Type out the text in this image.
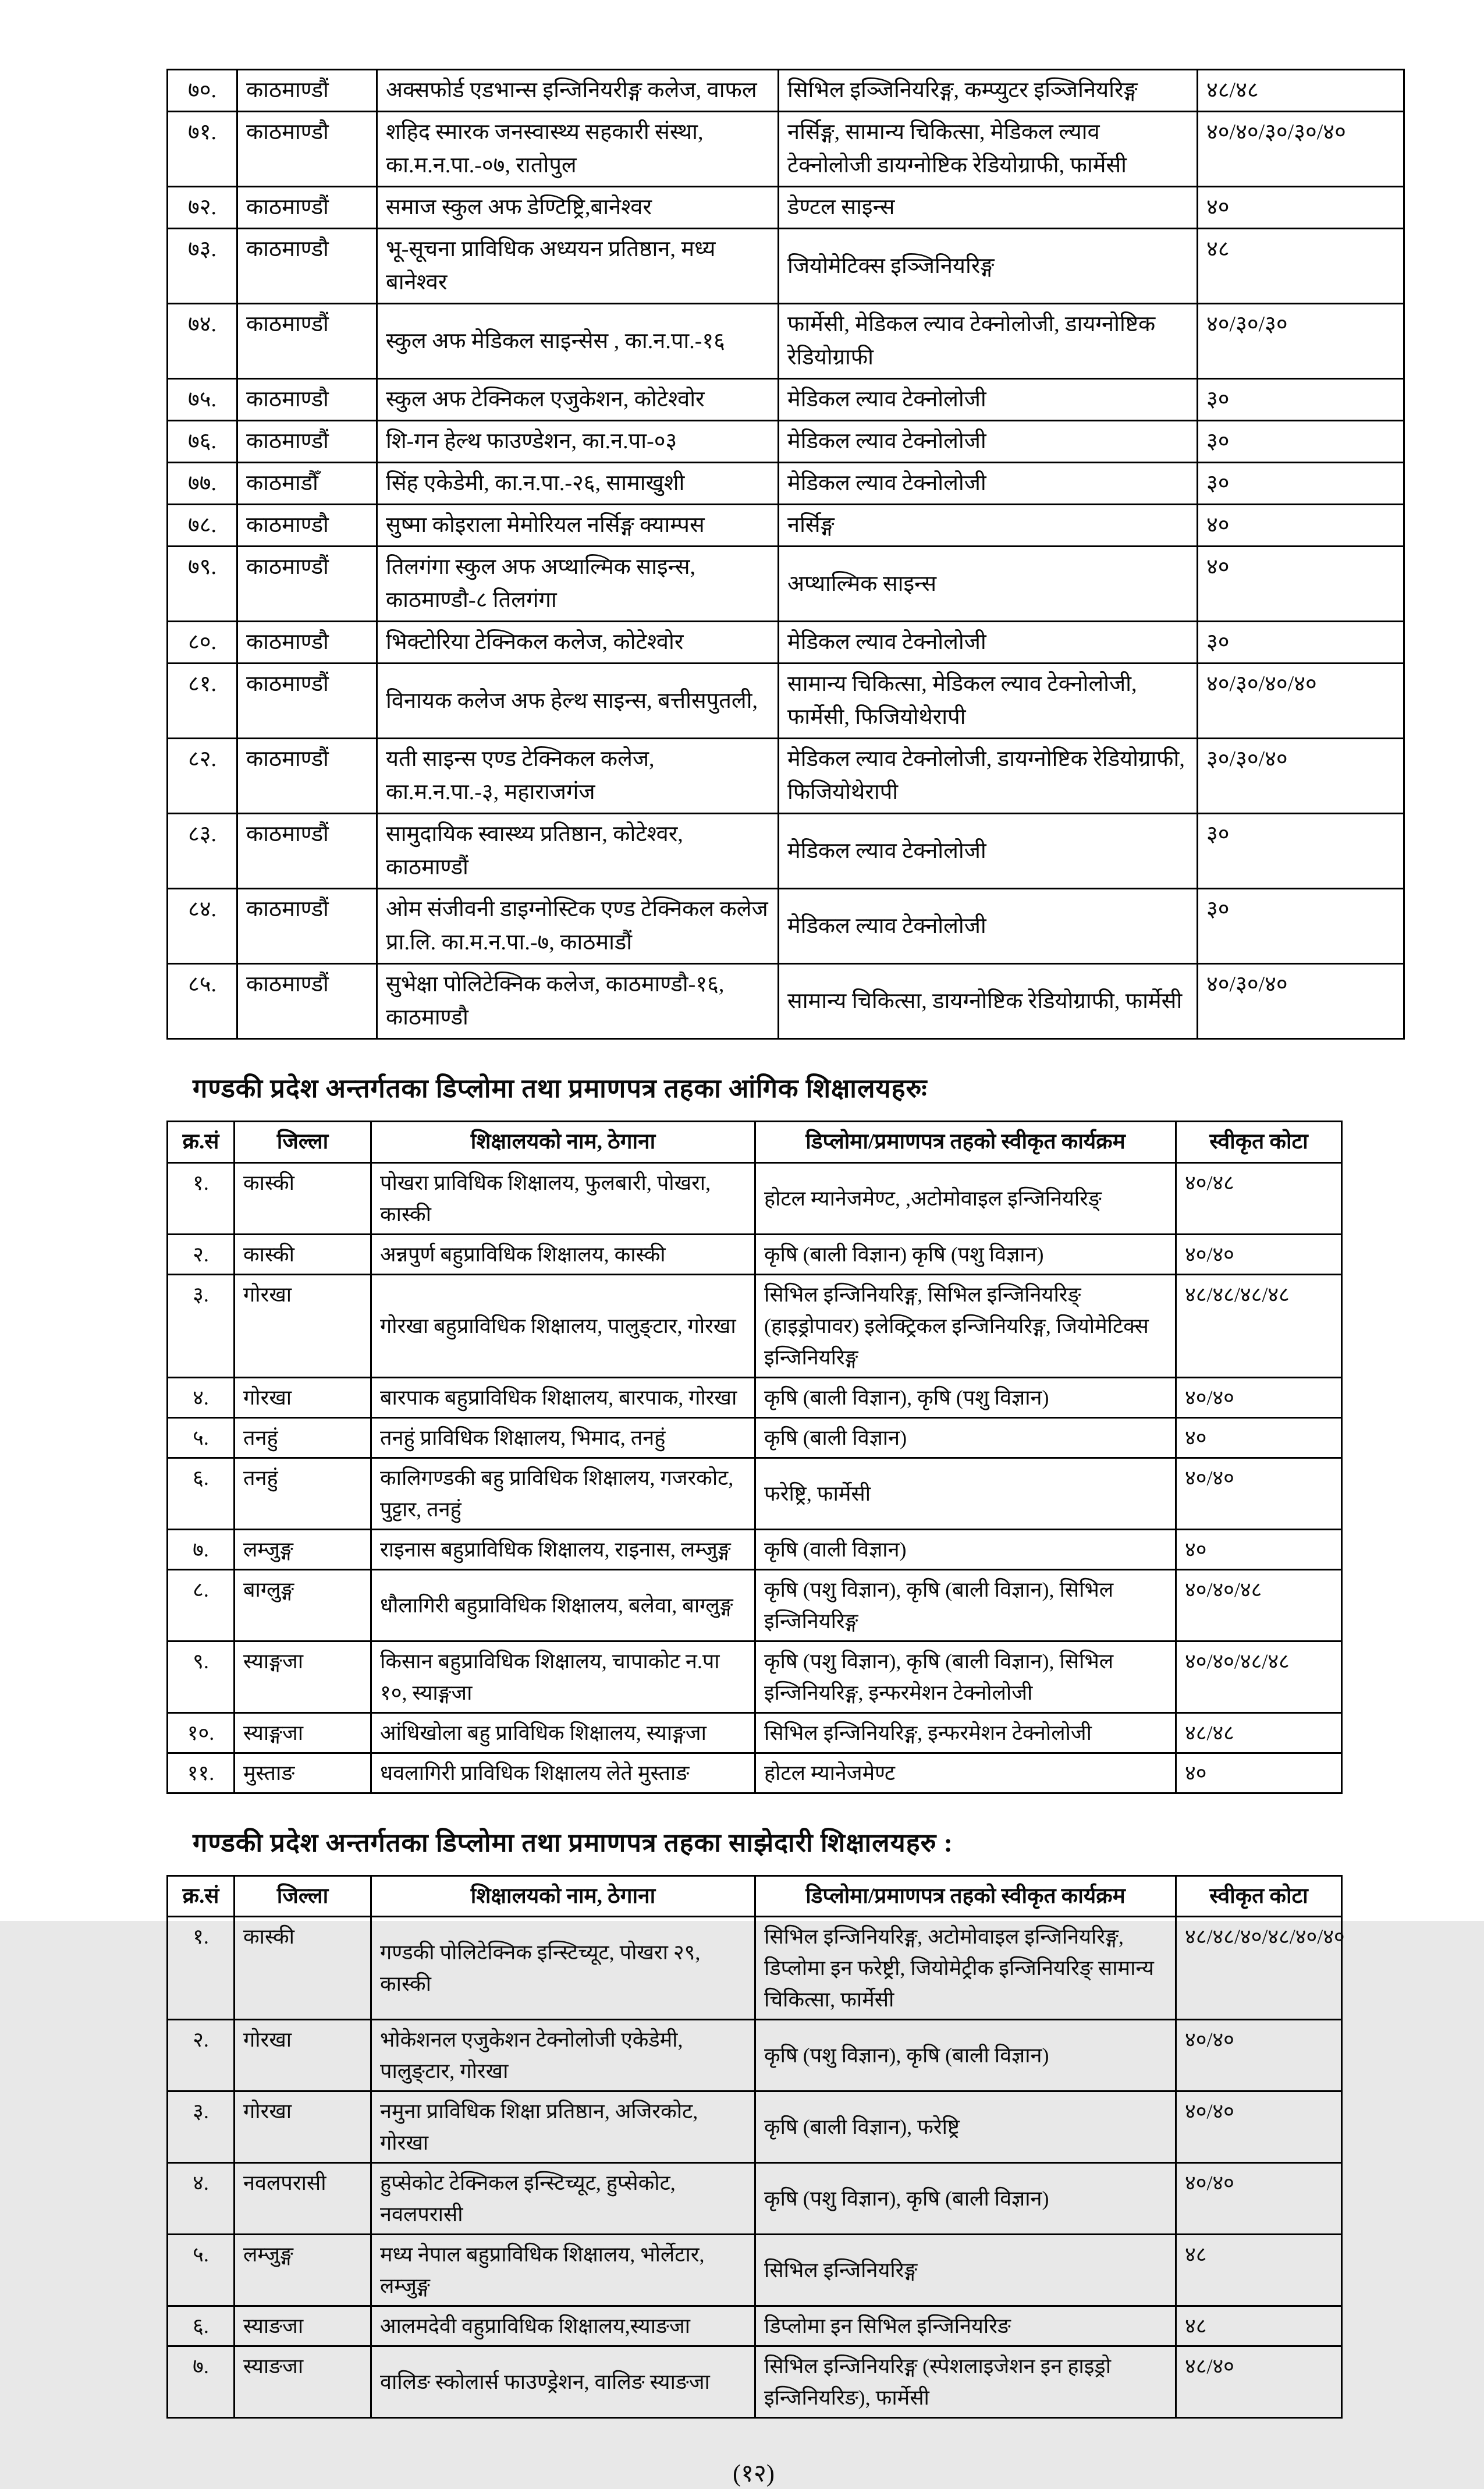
७०.	काठमाण्डौं	अक्सफोर्ड एडभान्स इन्जिनियरीङ्ग कलेज, वाफल	सिभिल इञ्जिनियरिङ्ग, कम्प्युटर इञ्जिनियरिङ्ग	४८/४८
७१.	काठमाण्डौ	शहिद स्मारक जनस्वास्थ्य सहकारी संस्था, का.म.न.पा.-०७, रातोपुल	नर्सिङ्ग, सामान्य चिकित्सा, मेडिकल ल्याव टेक्नोलोजी डायग्नोष्टिक रेडियोग्राफी, फार्मेसी	४०/४०/३०/३०/४०
७२.	काठमाण्डौं	समाज स्कुल अफ डेण्टिष्ट्रि,बानेश्वर	डेण्टल साइन्स	४०
७३.	काठमाण्डौ	भू-सूचना प्राविधिक अध्ययन प्रतिष्ठान, मध्य बानेश्वर	जियोमेटिक्स इञ्जिनियरिङ्ग	४८
७४.	काठमाण्डौं	स्कुल अफ मेडिकल साइन्सेस , का.न.पा.-१६	फार्मेसी, मेडिकल ल्याव टेक्नोलोजी, डायग्नोष्टिक रेडियोग्राफी	४०/३०/३०
७५.	काठमाण्डौ	स्कुल अफ टेक्निकल एजुकेशन, कोटेश्वोर	मेडिकल ल्याव टेक्नोलोजी	३०
७६.	काठमाण्डौं	शि-गन हेल्थ फाउण्डेशन, का.न.पा-०३	मेडिकल ल्याव टेक्नोलोजी	३०
७७.	काठमाडौँ	सिंह एकेडेमी, का.न.पा.-२६, सामाखुशी	मेडिकल ल्याव टेक्नोलोजी	३०
७८.	काठमाण्डौ	सुष्मा कोइराला मेमोरियल नर्सिङ्ग क्याम्पस	नर्सिङ्ग	४०
७९.	काठमाण्डौं	तिलगंगा स्कुल अफ अप्थाल्मिक साइन्स, काठमाण्डौ-८ तिलगंगा	अप्थाल्मिक साइन्स	४०
८०.	काठमाण्डौ	भिक्टोरिया टेक्निकल कलेज, कोटेश्वोर	मेडिकल ल्याव टेक्नोलोजी	३०
८१.	काठमाण्डौं	विनायक कलेज अफ हेल्थ साइन्स, बत्तीसपुतली,	सामान्य चिकित्सा, मेडिकल ल्याव टेक्नोलोजी, फार्मेसी, फिजियोथेरापी	४०/३०/४०/४०
८२.	काठमाण्डौं	यती साइन्स एण्ड टेक्निकल कलेज, का.म.न.पा.-३, महाराजगंज	मेडिकल ल्याव टेक्नोलोजी, डायग्नोष्टिक रेडियोग्राफी, फिजियोथेरापी	३०/३०/४०
८३.	काठमाण्डौं	सामुदायिक स्वास्थ्य प्रतिष्ठान, कोटेश्वर, काठमाण्डौं	मेडिकल ल्याव टेक्नोलोजी	३०
८४.	काठमाण्डौं	ओम संजीवनी डाइग्नोस्टिक एण्ड टेक्निकल कलेज प्रा.लि. का.म.न.पा.-७, काठमाडौं	मेडिकल ल्याव टेक्नोलोजी	३०
८५.	काठमाण्डौं	सुभेक्षा पोलिटेक्निक कलेज, काठमाण्डौ-१६, काठमाण्डौ	सामान्य चिकित्सा, डायग्नोष्टिक रेडियोग्राफी, फार्मेसी	४०/३०/४०
गण्डकी प्रदेश अन्तर्गतका डिप्लोमा तथा प्रमाणपत्र तहका आंगिक शिक्षालयहरुः
क्र.सं	जिल्ला	शिक्षालयको नाम, ठेगाना	डिप्लोमा/प्रमाणपत्र तहको स्वीकृत कार्यक्रम	स्वीकृत कोटा
१.	कास्की	पोखरा प्राविधिक शिक्षालय, फुलबारी, पोखरा, कास्की	होटल म्यानेजमेण्ट, ,अटोमोवाइल इन्जिनियरिङ्	४०/४८
२.	कास्की	अन्नपुर्ण बहुप्राविधिक शिक्षालय, कास्की	कृषि (बाली विज्ञान) कृषि (पशु विज्ञान)	४०/४०
३.	गोरखा	गोरखा बहुप्राविधिक शिक्षालय, पालुङ्टार, गोरखा	सिभिल इन्जिनियरिङ्ग, सिभिल इन्जिनियरिङ् (हाइड्रोपावर) इलेक्ट्रिकल इन्जिनियरिङ्ग, जियोमेटिक्स इन्जिनियरिङ्ग	४८/४८/४८/४८
४.	गोरखा	बारपाक बहुप्राविधिक शिक्षालय, बारपाक, गोरखा	कृषि (बाली विज्ञान), कृषि (पशु विज्ञान)	४०/४०
५.	तनहुं	तनहुं प्राविधिक शिक्षालय, भिमाद, तनहुं	कृषि (बाली विज्ञान)	४०
६.	तनहुं	कालिगण्डकी बहु प्राविधिक शिक्षालय, गजरकोट, पुट्टार, तनहुं	फरेष्ट्रि, फार्मेसी	४०/४०
७.	लम्जुङ्ग	राइनास बहुप्राविधिक शिक्षालय, राइनास, लम्जुङ्ग	कृषि (वाली विज्ञान)	४०
८.	बाग्लुङ्ग	धौलागिरी बहुप्राविधिक शिक्षालय, बलेवा, बाग्लुङ्ग	कृषि (पशु विज्ञान), कृषि (बाली विज्ञान), सिभिल इन्जिनियरिङ्ग	४०/४०/४८
९.	स्याङ्गजा	किसान बहुप्राविधिक शिक्षालय, चापाकोट न.पा १०, स्याङ्गजा	कृषि (पशु विज्ञान), कृषि (बाली विज्ञान), सिभिल इन्जिनियरिङ्ग, इन्फरमेशन टेक्नोलोजी	४०/४०/४८/४८
१०.	स्याङ्गजा	आंधिखोला बहु प्राविधिक शिक्षालय, स्याङ्गजा	सिभिल इन्जिनियरिङ्ग, इन्फरमेशन टेक्नोलोजी	४८/४८
११.	मुस्ताङ	धवलागिरी प्राविधिक शिक्षालय लेते मुस्ताङ	होटल म्यानेजमेण्ट	४०
गण्डकी प्रदेश अन्तर्गतका डिप्लोमा तथा प्रमाणपत्र तहका साझेदारी शिक्षालयहरु :
क्र.सं	जिल्ला	शिक्षालयको नाम, ठेगाना	डिप्लोमा/प्रमाणपत्र तहको स्वीकृत कार्यक्रम	स्वीकृत कोटा
१.	कास्की	गण्डकी पोलिटेक्निक इन्स्टिच्यूट, पोखरा २९, कास्की	सिभिल इन्जिनियरिङ्ग, अटोमोवाइल इन्जिनियरिङ्ग, डिप्लोमा इन फरेष्ट्री, जियोमेट्रीक इन्जिनियरिङ् सामान्य चिकित्सा, फार्मेसी	४८/४८/४०/४८/४०/४०
२.	गोरखा	भोकेशनल एजुकेशन टेक्नोलोजी एकेडेमी, पालुङ्टार, गोरखा	कृषि (पशु विज्ञान), कृषि (बाली विज्ञान)	४०/४०
३.	गोरखा	नमुना प्राविधिक शिक्षा प्रतिष्ठान, अजिरकोट, गोरखा	कृषि (बाली विज्ञान), फरेष्ट्रि	४०/४०
४.	नवलपरासी	हुप्सेकोट टेक्निकल इन्स्टिच्यूट, हुप्सेकोट, नवलपरासी	कृषि (पशु विज्ञान), कृषि (बाली विज्ञान)	४०/४०
५.	लम्जुङ्ग	मध्य नेपाल बहुप्राविधिक शिक्षालय, भोर्लेटार, लम्जुङ्ग	सिभिल इन्जिनियरिङ्ग	४८
६.	स्याङजा	आलमदेवी वहुप्राविधिक शिक्षालय,स्याङजा	डिप्लोमा इन सिभिल इन्जिनियरिङ	४८
७.	स्याङजा	वालिङ स्कोलार्स फाउण्ड्रेशन, वालिङ स्याङजा	सिभिल इन्जिनियरिङ्ग (स्पेशलाइजेशन इन हाइड्रो इन्जिनियरिङ), फार्मेसी	४८/४०
(१२)
